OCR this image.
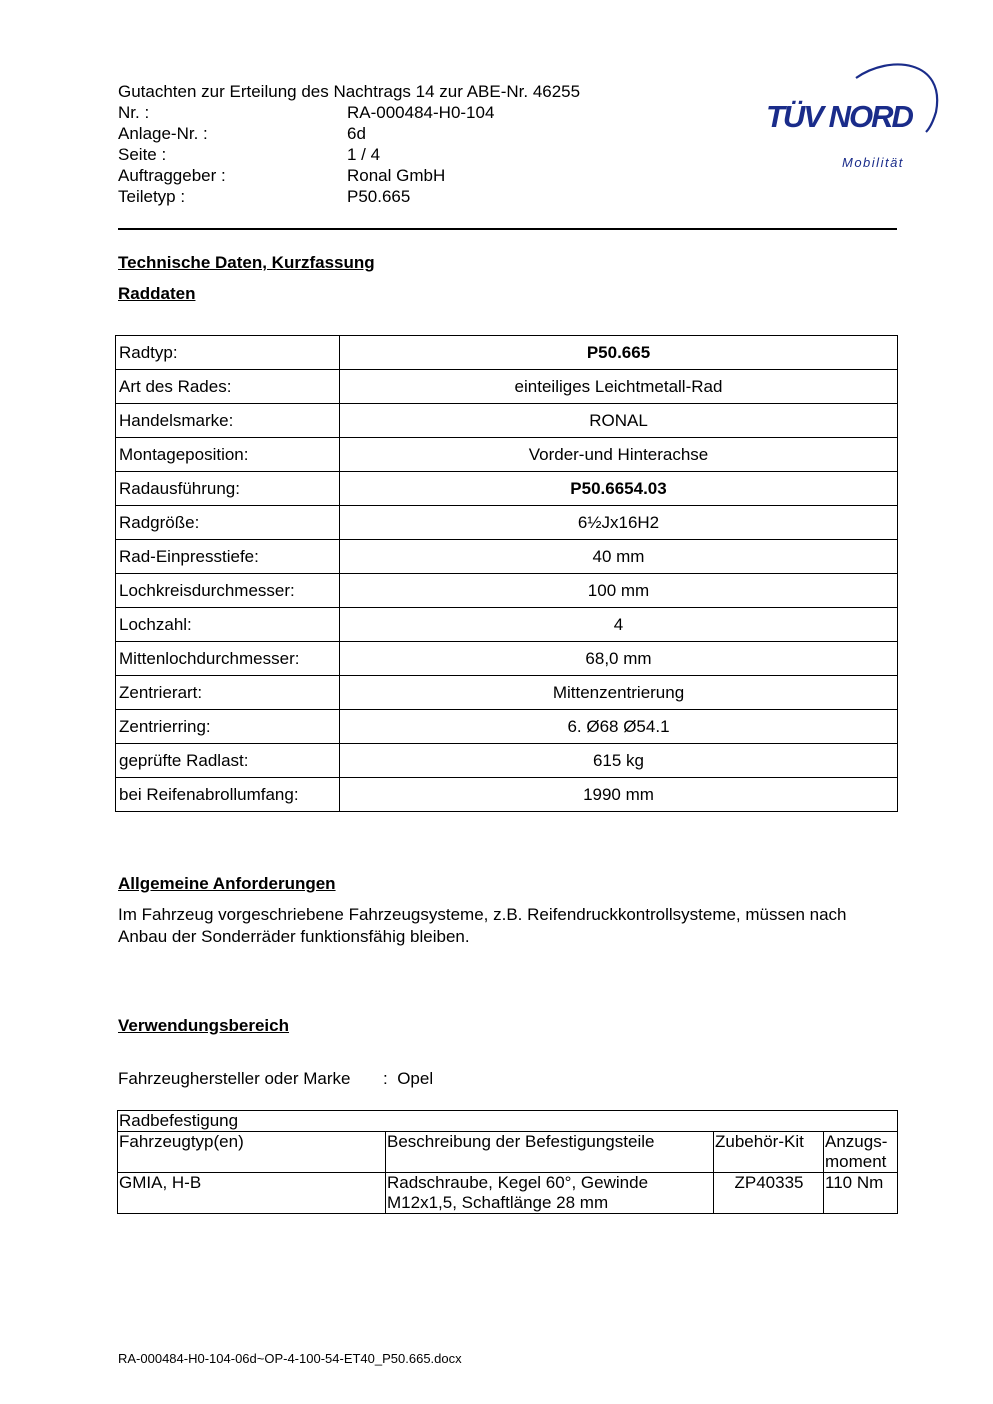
Gutachten zur Erteilung des Nachtrags 14 zur ABE-Nr. 46255
Nr. :	RA-000484-H0-104
Anlage-Nr. :	6d
Seite :	1 / 4
Auftraggeber :	Ronal GmbH
Teiletyp :	P50.665
TÜV NORD
Mobilität
Technische Daten, Kurzfassung
Raddaten
Radtyp:	P50.665
Art des Rades:	einteiliges Leichtmetall-Rad
Handelsmarke:	RONAL
Montageposition:	Vorder-und Hinterachse
Radausführung:	P50.6654.03
Radgröße:	6½Jx16H2
Rad-Einpresstiefe:	40 mm
Lochkreisdurchmesser:	100 mm
Lochzahl:	4
Mittenlochdurchmesser:	68,0 mm
Zentrierart:	Mittenzentrierung
Zentrierring:	6. Ø68 Ø54.1
geprüfte Radlast:	615 kg
bei Reifenabrollumfang:	1990 mm
Allgemeine Anforderungen
Im Fahrzeug vorgeschriebene Fahrzeugsysteme, z.B. Reifendruckkontrollsysteme, müssen nach Anbau der Sonderräder funktionsfähig bleiben.
Verwendungsbereich
Fahrzeughersteller oder Marke : Opel
Radbefestigung			
Fahrzeugtyp(en)	Beschreibung der Befestigungsteile	Zubehör-Kit	Anzugs-moment
GMIA, H-B	Radschraube, Kegel 60°, Gewinde M12x1,5, Schaftlänge 28 mm	ZP40335	110 Nm
RA-000484-H0-104-06d~OP-4-100-54-ET40_P50.665.docx
